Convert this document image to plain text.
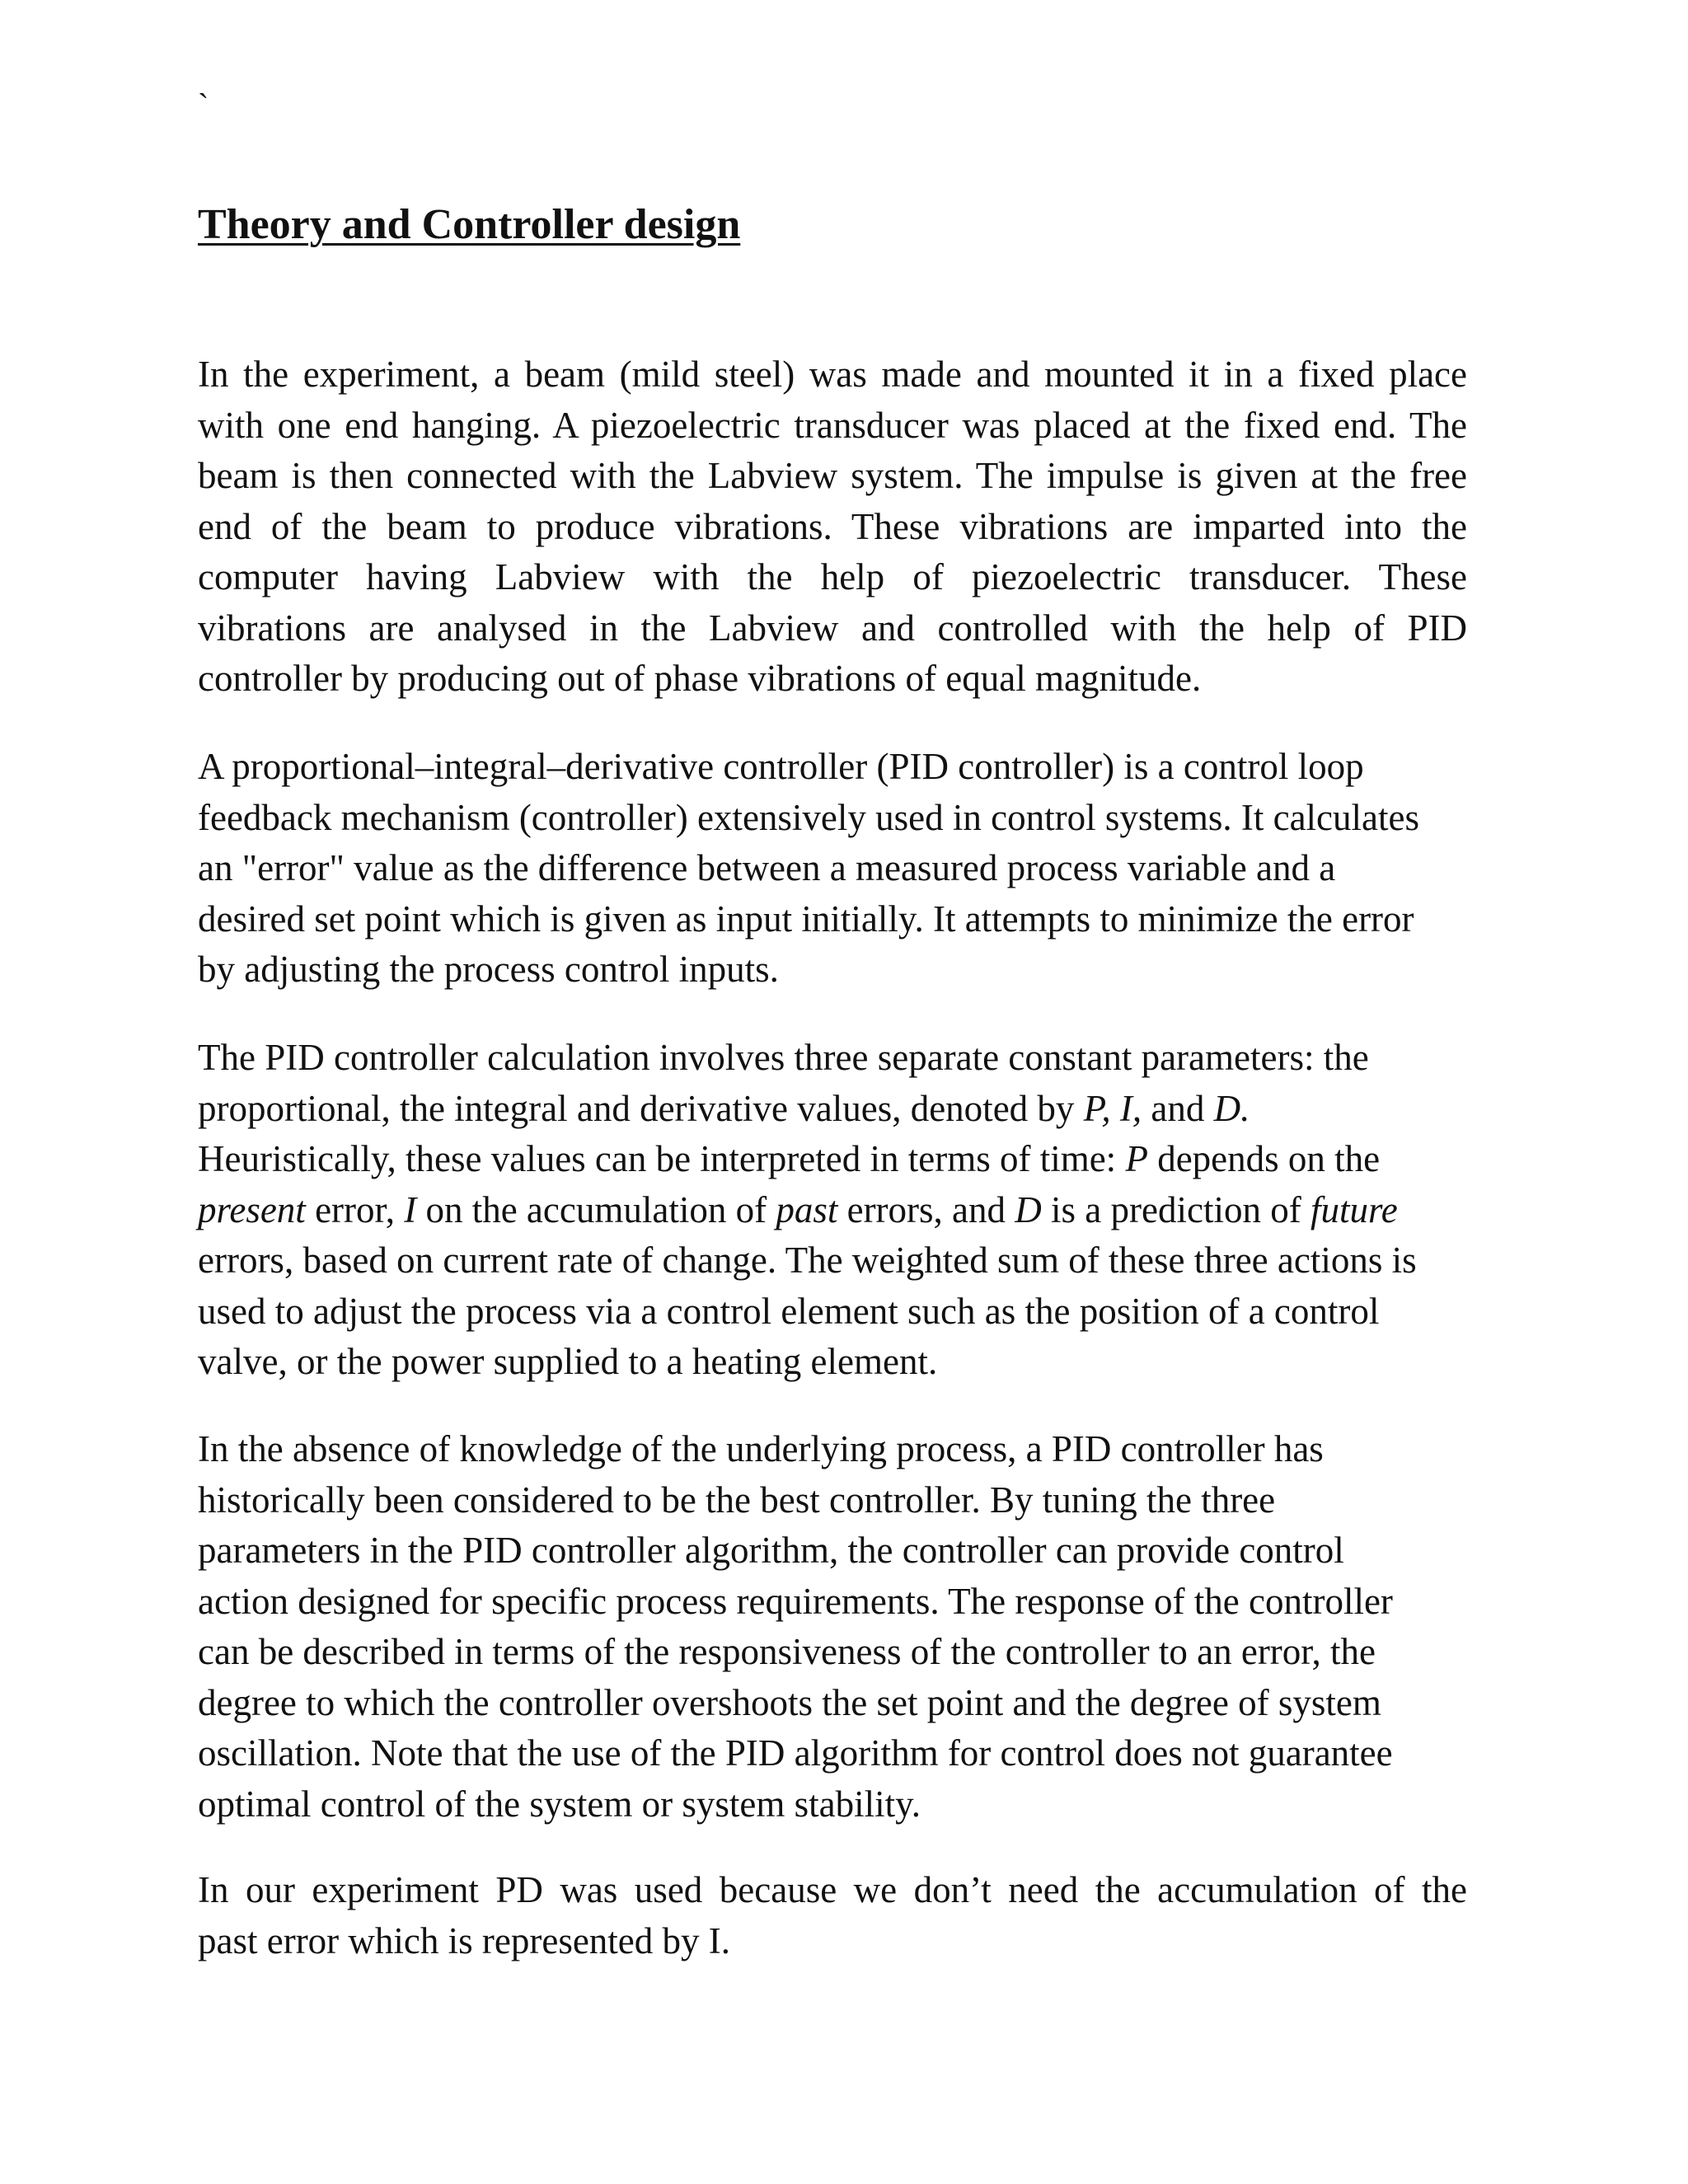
`
Theory and Controller design

In the experiment, a beam (mild steel) was made and mounted it in a fixed place
with one end hanging. A piezoelectric transducer was placed at the fixed end. The
beam is then connected with the Labview system. The impulse is given at the free
end of the beam to produce vibrations. These vibrations are imparted into the
computer having Labview with the help of piezoelectric transducer. These
vibrations are analysed in the Labview and controlled with the help of PID
controller by producing out of phase vibrations of equal magnitude.

A proportional–integral–derivative controller (PID controller) is a control loop
feedback mechanism (controller) extensively used in control systems. It calculates
an "error" value as the difference between a measured process variable and a
desired set point which is given as input initially. It attempts to minimize the error
by adjusting the process control inputs.

The PID controller calculation involves three separate constant parameters: the
proportional, the integral and derivative values, denoted by P, I, and D.
Heuristically, these values can be interpreted in terms of time: P depends on the
present error, I on the accumulation of past errors, and D is a prediction of future
errors, based on current rate of change. The weighted sum of these three actions is
used to adjust the process via a control element such as the position of a control
valve, or the power supplied to a heating element.

In the absence of knowledge of the underlying process, a PID controller has
historically been considered to be the best controller. By tuning the three
parameters in the PID controller algorithm, the controller can provide control
action designed for specific process requirements. The response of the controller
can be described in terms of the responsiveness of the controller to an error, the
degree to which the controller overshoots the set point and the degree of system
oscillation. Note that the use of the PID algorithm for control does not guarantee
optimal control of the system or system stability.

In our experiment PD was used because we don’t need the accumulation of the
past error which is represented by I.
